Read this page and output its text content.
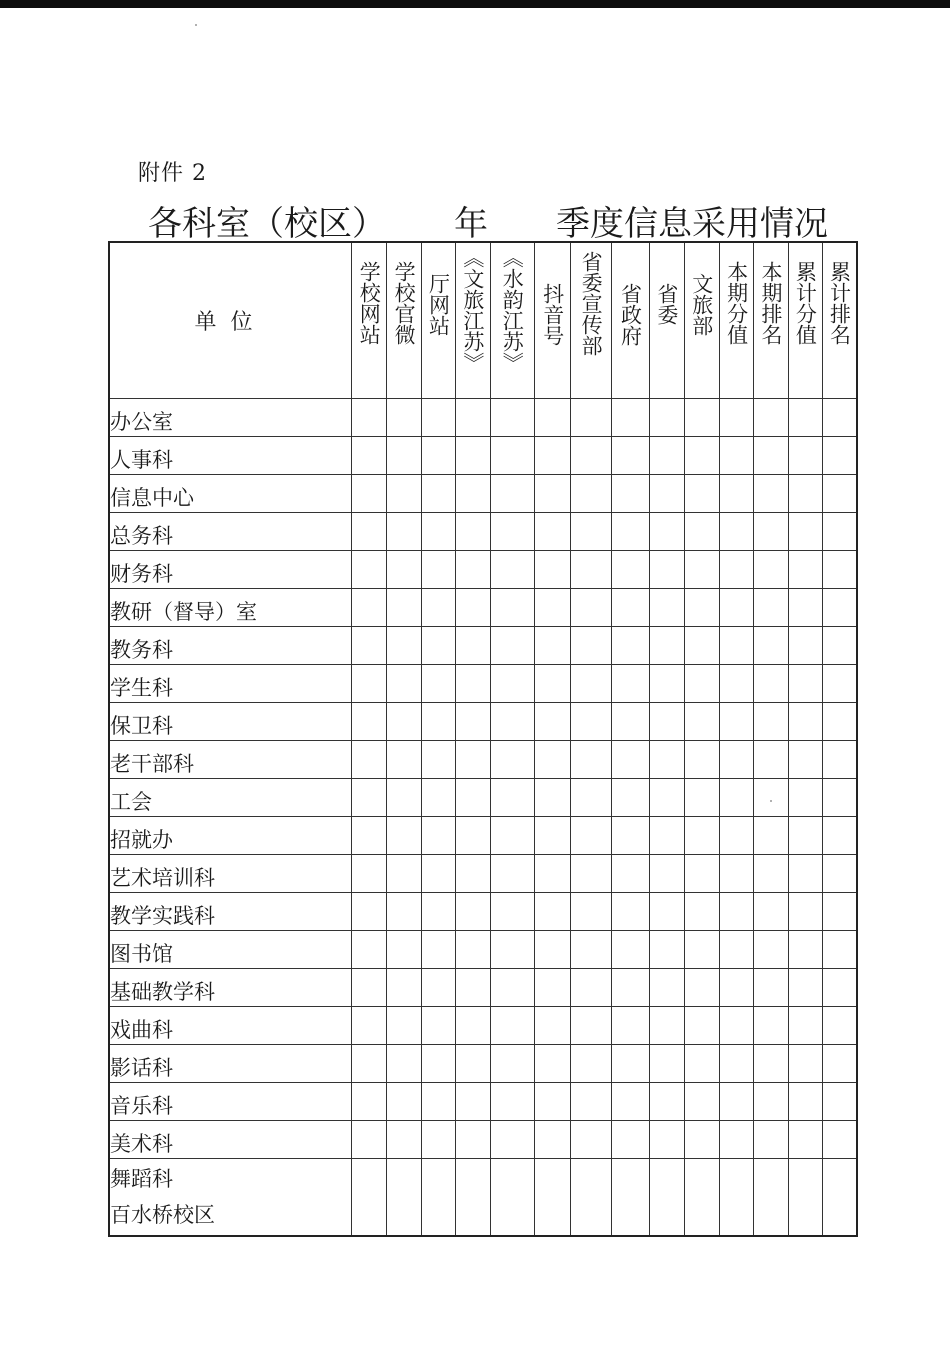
附件 2
各科室（校区） 年 季度信息采用情况
单位	学校网站	学校官微	厅网站	《文旅江苏》	《水韵江苏》	抖音号	省委宣传部	省政府	省委	文旅部	本期分值	本期排名	累计分值	累计排名

办公室														
人事科														
信息中心														
总务科														
财务科														
教研（督导）室														
教务科														
学生科														
保卫科														
老干部科														
工会														
招就办														
艺术培训科														
教学实践科														
图书馆														
基础教学科														
戏曲科														
影话科														
音乐科														
美术科														

舞蹈科
百水桥校区														
